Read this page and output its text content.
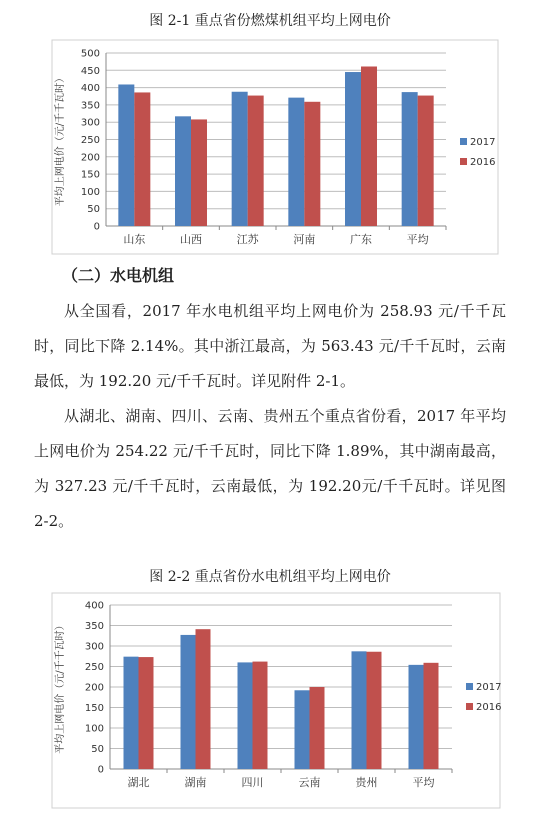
图 2-1 重点省份燃煤机组平均上网电价
0
50
100
150
200
250
300
350
400
450
500
平均上网电价（元/千千瓦时）
山东	山西	江苏	河南	广东	平均
2017
2016
（二）水电机组

从全国看，2017 年水电机组平均上网电价为 258.93 元/千千瓦时，同比下降 2.14%。其中浙江最高，为 563.43 元/千千瓦时，云南最低，为 192.20 元/千千瓦时。详见附件 2-1。

从湖北、湖南、四川、云南、贵州五个重点省份看，2017 年平均上网电价为 254.22 元/千千瓦时，同比下降 1.89%，其中湖南最高，为 327.23 元/千千瓦时，云南最低，为 192.20元/千千瓦时。详见图 2-2。

图 2-2 重点省份水电机组平均上网电价
0
50
100
150
200
250
300
350
400
平均上网电价（元/千千瓦时）
湖北	湖南	四川	云南	贵州	平均
2017
2016
